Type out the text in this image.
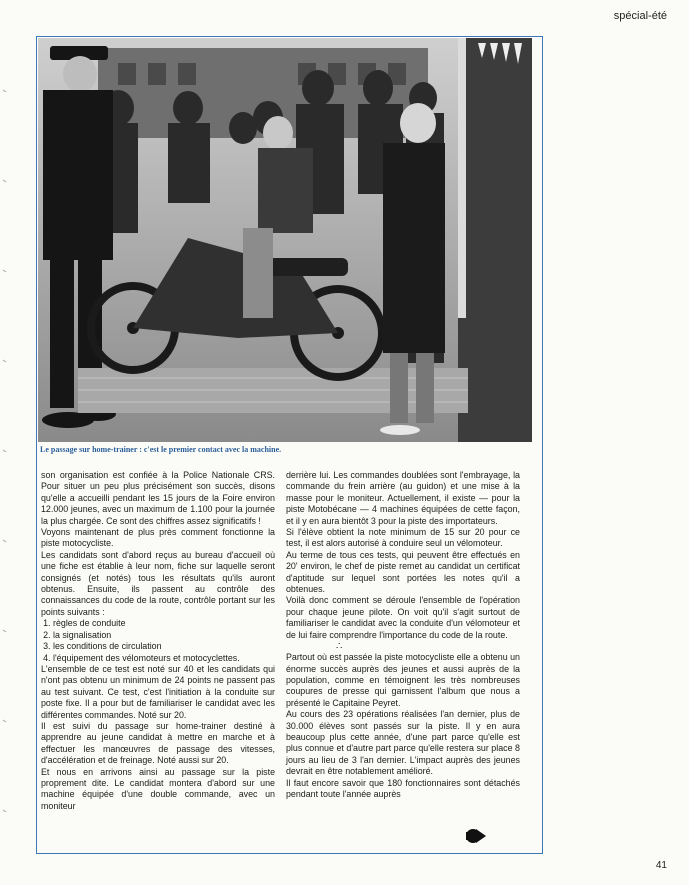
spécial-été
Le passage sur home-trainer : c'est le premier contact avec la machine.

son organisation est confiée à la Police Nationale CRS. Pour situer un peu plus précisément son succès, disons qu'elle a accueilli pendant les 15 jours de la Foire environ 12.000 jeunes, avec un maximum de 1.100 pour la journée la plus chargée. Ce sont des chiffres assez significatifs !

Voyons maintenant de plus près comment fonctionne la piste motocycliste.

Les candidats sont d'abord reçus au bureau d'accueil où une fiche est établie à leur nom, fiche sur laquelle seront consignés (et notés) tous les résultats qu'ils auront obtenus. Ensuite, ils passent au contrôle des connaissances du code de la route, contrôle portant sur les points suivants :

1. règles de conduite
2. la signalisation
3. les conditions de circulation
4. l'équipement des vélomoteurs et motocyclettes.

L'ensemble de ce test est noté sur 40 et les candidats qui n'ont pas obtenu un minimum de 24 points ne passent pas au test suivant. Ce test, c'est l'initiation à la conduite sur poste fixe. Il a pour but de familiariser le candidat avec les différentes commandes. Noté sur 20.

Il est suivi du passage sur home-trainer destiné à apprendre au jeune candidat à mettre en marche et à effectuer les manœuvres de passage des vitesses, d'accélération et de freinage. Noté aussi sur 20.

Et nous en arrivons ainsi au passage sur la piste proprement dite. Le candidat montera d'abord sur une machine équipée d'une double commande, avec un moniteur

derrière lui. Les commandes doublées sont l'embrayage, la commande du frein arrière (au guidon) et une mise à la masse pour le moniteur. Actuellement, il existe — pour la piste Motobécane — 4 machines équipées de cette façon, et il y en aura bientôt 3 pour la piste des importateurs.

Si l'élève obtient la note minimum de 15 sur 20 pour ce test, il est alors autorisé à conduire seul un vélomoteur.

Au terme de tous ces tests, qui peuvent être effectués en 20' environ, le chef de piste remet au candidat un certificat d'aptitude sur lequel sont portées les notes qu'il a obtenues.

Voilà donc comment se déroule l'ensemble de l'opération pour chaque jeune pilote. On voit qu'il s'agit surtout de familiariser le candidat avec la conduite d'un vélomoteur et de lui faire comprendre l'importance du code de la route.

∴

Partout où est passée la piste motocycliste elle a obtenu un énorme succès auprès des jeunes et aussi auprès de la population, comme en témoignent les très nombreuses coupures de presse qui garnissent l'album que nous a présenté le Capitaine Peyret.

Au cours des 23 opérations réalisées l'an dernier, plus de 30.000 élèves sont passés sur la piste. Il y en aura beaucoup plus cette année, d'une part parce qu'elle est plus connue et d'autre part parce qu'elle restera sur place 8 jours au lieu de 3 l'an dernier. L'impact auprès des jeunes devrait en être notablement amélioré.

Il faut encore savoir que 180 fonctionnaires sont détachés pendant toute l'année auprès

41
